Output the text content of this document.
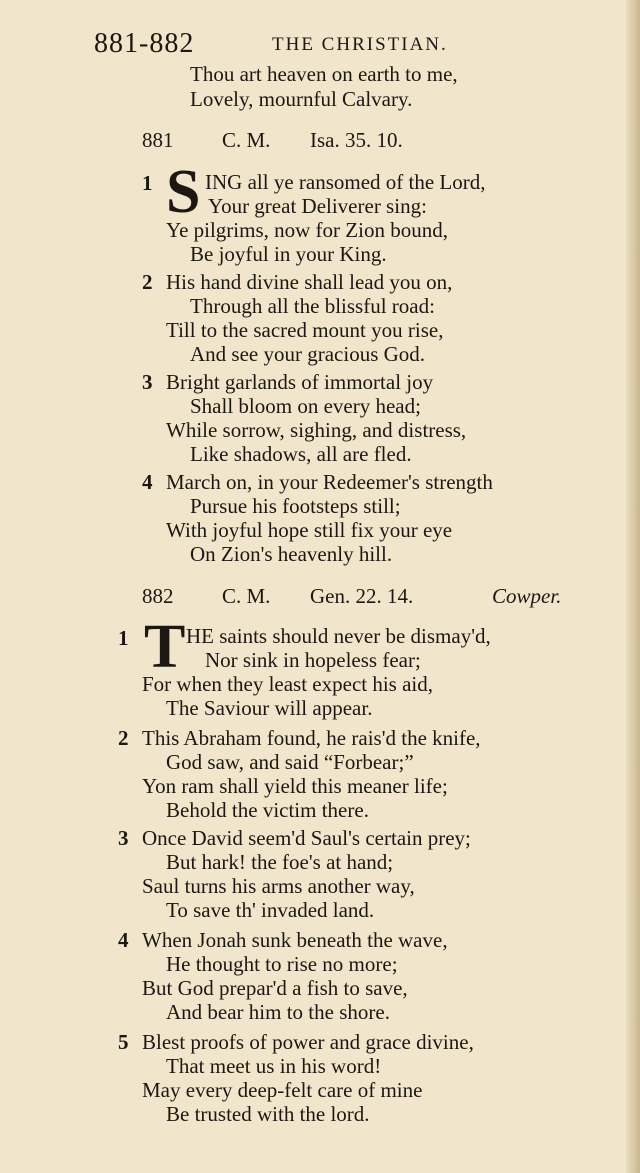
881-882	THE CHRISTIAN.
Thou art heaven on earth to me,
Lovely, mournful Calvary.
881 C. M. Isa. 35. 10.
1 S ING all ye ransomed of the Lord,
Your great Deliverer sing:
Ye pilgrims, now for Zion bound,
Be joyful in your King.
2 His hand divine shall lead you on,
Through all the blissful road:
Till to the sacred mount you rise,
And see your gracious God.
3 Bright garlands of immortal joy
Shall bloom on every head;
While sorrow, sighing, and distress,
Like shadows, all are fled.
4 March on, in your Redeemer's strength
Pursue his footsteps still;
With joyful hope still fix your eye
On Zion's heavenly hill.
882 C. M. Gen. 22. 14.	Cowper.
1 T HE saints should never be dismay'd,
Nor sink in hopeless fear;
For when they least expect his aid,
The Saviour will appear.
2 This Abraham found, he rais'd the knife,
God saw, and said “Forbear;”
Yon ram shall yield this meaner life;
Behold the victim there.
3 Once David seem'd Saul's certain prey;
But hark! the foe's at hand;
Saul turns his arms another way,
To save th' invaded land.
4 When Jonah sunk beneath the wave,
He thought to rise no more;
But God prepar'd a fish to save,
And bear him to the shore.
5 Blest proofs of power and grace divine,
That meet us in his word!
May every deep-felt care of mine
Be trusted with the lord.
